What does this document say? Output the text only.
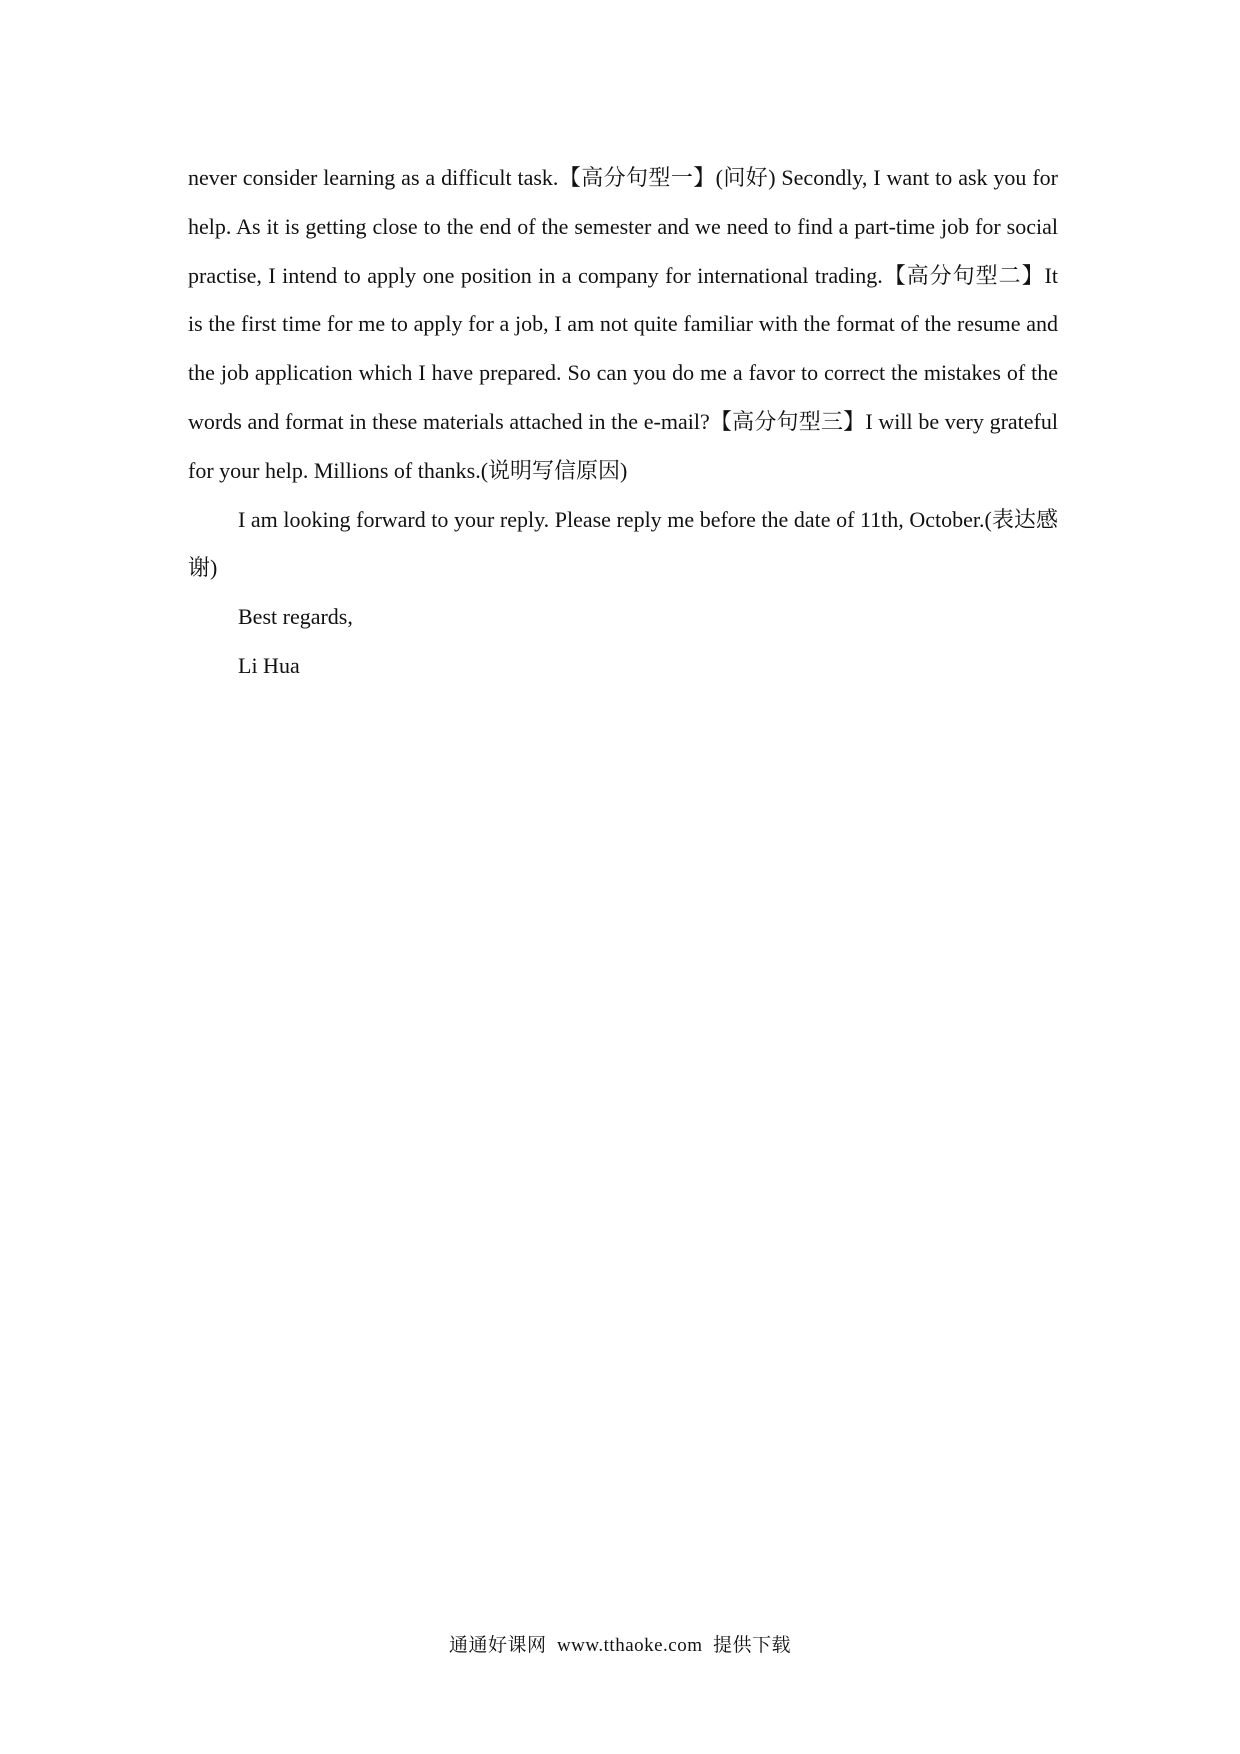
never consider learning as a difficult task.【高分句型一】(问好) Secondly, I want to ask you for help. As it is getting close to the end of the semester and we need to find a part-time job for social practise, I intend to apply one position in a company for international trading.【高分句型二】It is the first time for me to apply for a job, I am not quite familiar with the format of the resume and the job application which I have prepared. So can you do me a favor to correct the mistakes of the words and format in these materials attached in the e-mail?【高分句型三】I will be very grateful for your help. Millions of thanks.(说明写信原因)

I am looking forward to your reply. Please reply me before the date of 11th, October.(表达感谢)

Best regards,

Li Hua

通通好课网 www.tthaoke.com 提供下载
